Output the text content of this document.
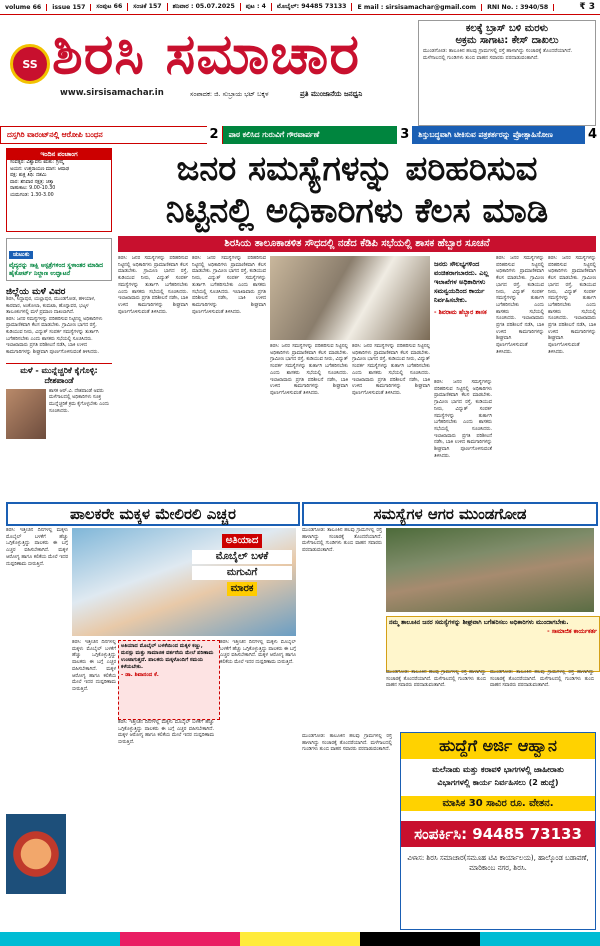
volume 66	issue 157	ಸಂಪುಟ 66	ಸಂಚಿಕೆ 157	ಶನಿವಾರ : 05.07.2025	ಪುಟ : 4	ಮೊಬೈಲ್: 94485 73133	E mail : sirsisamachar@gmail.com	RNI No. : 3940/58	₹ 3
SS ಶಿರಸಿ ಸಮಾಚಾರ
www.sirsisamachar.in	ಸಂಪಾದಕ: ಜಿ. ಸುಬ್ರಾಯ ಭಟ್ ಬಕ್ಕಳ	ಪ್ರತಿ ಮುಂಜಾನೆಯ ಜನಧ್ವನಿ
ಕಲಕ್ಕೆ ಬ್ರಾಸ್ ಬಳಿ ಮರಳು
ಅಕ್ರಮ ಸಾಗಾಟ: ಕೇಸ್ ದಾಖಲು
ಮುಂಡಗೋಡ: ತಾಲೂಕಿನ ಹಲವು ಗ್ರಾಮಗಳಲ್ಲಿ ರಸ್ತೆ ಹಾಳಾಗಿದ್ದು ಸಂಚಾರಕ್ಕೆ ತೊಂದರೆಯಾಗಿದೆ. ಮಳೆಗಾಲದಲ್ಲಿ ಗುಂಡಿಗಳು ತುಂಬಿ ವಾಹನ ಸವಾರರು ಪರದಾಡುವಂತಾಗಿದೆ.
ದಸ್ತಗಿರಿ ವಾರಂಟ್‌ನಲ್ಲಿ ಆರೋಪಿ ಬಂಧನ	2	ಪಾಠ ಕಲಿಸಿದ ಗುರುವಿಗೆ ಗೌರವಾರ್ಪಣೆ	3	ಶಿಸ್ತುಬದ್ಧವಾಗಿ ಟೀಕಿಸುವ ಪತ್ರಕರ್ತರನ್ನು ಪ್ರೋತ್ಸಾಹಿಸೋಣ	4
ಇಂದಿನ ಪಂಚಾಂಗ
ಸಂವತ್ಸರ: ವಿಶ್ವಾವಸು ಋತು: ಗ್ರೀಷ್ಮ
ಅಯನ: ಉತ್ತರಾಯಣ ಮಾಸ: ಆಷಾಢ
ಪಕ್ಷ: ಶುಕ್ಲ ತಿಥಿ: ದಶಮಿ
ವಾರ: ಶನಿವಾರ ನಕ್ಷತ್ರ: ಚಿತ್ತಾ
ರಾಹುಕಾಲ: 9.00-10.30
ಯಮಗಂಡ: 1.30-3.00
ಚುಟುಕು
ವೈದ್ಯರನ್ನು ಸಾಕ್ಷಿ ಆಸ್ಪತ್ರೆಗಳಿಂದ ಸ್ಥಳಾಂತರ ಮಾಡಿದ ಹೈಕೋರ್ಟ್ ನಿಲ್ದಾಣ ಉದ್ಘಾಟನೆ
ಜಿಲ್ಲೆಯ ಮಳೆ ವಿವರ
ಶಿರಸಿ, ಸಿದ್ದಾಪುರ, ಯಲ್ಲಾಪುರ, ಮುಂಡಗೋಡ, ಹಳಿಯಾಳ, ಕಾರವಾರ, ಅಂಕೋಲಾ, ಕುಮಟಾ, ಹೊನ್ನಾವರ, ಭಟ್ಕಳ ತಾಲೂಕುಗಳಲ್ಲಿ ಮಳೆ ಪ್ರಮಾಣ ದಾಖಲಾಗಿದೆ.
ಶಿರಸಿ: ಜನರ ಸಮಸ್ಯೆಗಳನ್ನು ಪರಿಹರಿಸುವ ನಿಟ್ಟಿನಲ್ಲಿ ಅಧಿಕಾರಿಗಳು ಪ್ರಾಮಾಣಿಕವಾಗಿ ಕೆಲಸ ಮಾಡಬೇಕು. ಗ್ರಾಮೀಣ ಭಾಗದ ರಸ್ತೆ, ಕುಡಿಯುವ ನೀರು, ವಿದ್ಯುತ್ ಸಂಪರ್ಕ ಸಮಸ್ಯೆಗಳನ್ನು ತುರ್ತಾಗಿ ಬಗೆಹರಿಸಬೇಕು ಎಂದು ಶಾಸಕರು ಸಭೆಯಲ್ಲಿ ಸೂಚಿಸಿದರು. ಇಲಾಖಾವಾರು ಪ್ರಗತಿ ಪರಿಶೀಲನೆ ನಡೆಸಿ, ಬಾಕಿ ಉಳಿದ ಕಾಮಗಾರಿಗಳನ್ನು ಶೀಘ್ರವಾಗಿ ಪೂರ್ಣಗೊಳಿಸುವಂತೆ ತಿಳಿಸಿದರು.
ಮಳೆ - ಮುನ್ನೆಚ್ಚರಿಕೆ ಕೈಗೊಳ್ಳಿ: ದೇಶಪಾಂಡೆ
ಶಾಸಕ ಆರ್.ವಿ. ದೇಶಪಾಂಡೆ ಅವರು ಮಳೆಗಾಲದಲ್ಲಿ ಅಧಿಕಾರಿಗಳು ಸೂಕ್ತ ಮುನ್ನೆಚ್ಚರಿಕೆ ಕ್ರಮ ಕೈಗೊಳ್ಳಬೇಕು ಎಂದು ಸೂಚಿಸಿದರು.
ಜನರ ಸಮಸ್ಯೆಗಳನ್ನು ಪರಿಹರಿಸುವ
ನಿಟ್ಟಿನಲ್ಲಿ ಅಧಿಕಾರಿಗಳು ಕೆಲಸ ಮಾಡಿ
ಶಿರಸಿಯ ತಾಲೂಕಾಡಳಿತ ಸೌಧದಲ್ಲಿ ನಡೆದ ಕೆಡಿಪಿ ಸಭೆಯಲ್ಲಿ ಶಾಸಕ ಹೆಬ್ಬಾರ ಸೂಚನೆ
ಶಿರಸಿ: ಜನರ ಸಮಸ್ಯೆಗಳನ್ನು ಪರಿಹರಿಸುವ ನಿಟ್ಟಿನಲ್ಲಿ ಅಧಿಕಾರಿಗಳು ಪ್ರಾಮಾಣಿಕವಾಗಿ ಕೆಲಸ ಮಾಡಬೇಕು. ಗ್ರಾಮೀಣ ಭಾಗದ ರಸ್ತೆ, ಕುಡಿಯುವ ನೀರು, ವಿದ್ಯುತ್ ಸಂಪರ್ಕ ಸಮಸ್ಯೆಗಳನ್ನು ತುರ್ತಾಗಿ ಬಗೆಹರಿಸಬೇಕು ಎಂದು ಶಾಸಕರು ಸಭೆಯಲ್ಲಿ ಸೂಚಿಸಿದರು. ಇಲಾಖಾವಾರು ಪ್ರಗತಿ ಪರಿಶೀಲನೆ ನಡೆಸಿ, ಬಾಕಿ ಉಳಿದ ಕಾಮಗಾರಿಗಳನ್ನು ಶೀಘ್ರವಾಗಿ ಪೂರ್ಣಗೊಳಿಸುವಂತೆ ತಿಳಿಸಿದರು.
ಶಿರಸಿ: ಜನರ ಸಮಸ್ಯೆಗಳನ್ನು ಪರಿಹರಿಸುವ ನಿಟ್ಟಿನಲ್ಲಿ ಅಧಿಕಾರಿಗಳು ಪ್ರಾಮಾಣಿಕವಾಗಿ ಕೆಲಸ ಮಾಡಬೇಕು. ಗ್ರಾಮೀಣ ಭಾಗದ ರಸ್ತೆ, ಕುಡಿಯುವ ನೀರು, ವಿದ್ಯುತ್ ಸಂಪರ್ಕ ಸಮಸ್ಯೆಗಳನ್ನು ತುರ್ತಾಗಿ ಬಗೆಹರಿಸಬೇಕು ಎಂದು ಶಾಸಕರು ಸಭೆಯಲ್ಲಿ ಸೂಚಿಸಿದರು. ಇಲಾಖಾವಾರು ಪ್ರಗತಿ ಪರಿಶೀಲನೆ ನಡೆಸಿ, ಬಾಕಿ ಉಳಿದ ಕಾಮಗಾರಿಗಳನ್ನು ಶೀಘ್ರವಾಗಿ ಪೂರ್ಣಗೊಳಿಸುವಂತೆ ತಿಳಿಸಿದರು.
ಶಿರಸಿ: ಜನರ ಸಮಸ್ಯೆಗಳನ್ನು ಪರಿಹರಿಸುವ ನಿಟ್ಟಿನಲ್ಲಿ ಅಧಿಕಾರಿಗಳು ಪ್ರಾಮಾಣಿಕವಾಗಿ ಕೆಲಸ ಮಾಡಬೇಕು. ಗ್ರಾಮೀಣ ಭಾಗದ ರಸ್ತೆ, ಕುಡಿಯುವ ನೀರು, ವಿದ್ಯುತ್ ಸಂಪರ್ಕ ಸಮಸ್ಯೆಗಳನ್ನು ತುರ್ತಾಗಿ ಬಗೆಹರಿಸಬೇಕು ಎಂದು ಶಾಸಕರು ಸಭೆಯಲ್ಲಿ ಸೂಚಿಸಿದರು. ಇಲಾಖಾವಾರು ಪ್ರಗತಿ ಪರಿಶೀಲನೆ ನಡೆಸಿ, ಬಾಕಿ ಉಳಿದ ಕಾಮಗಾರಿಗಳನ್ನು ಶೀಘ್ರವಾಗಿ ಪೂರ್ಣಗೊಳಿಸುವಂತೆ ತಿಳಿಸಿದರು.
ಶಿರಸಿ: ಜನರ ಸಮಸ್ಯೆಗಳನ್ನು ಪರಿಹರಿಸುವ ನಿಟ್ಟಿನಲ್ಲಿ ಅಧಿಕಾರಿಗಳು ಪ್ರಾಮಾಣಿಕವಾಗಿ ಕೆಲಸ ಮಾಡಬೇಕು. ಗ್ರಾಮೀಣ ಭಾಗದ ರಸ್ತೆ, ಕುಡಿಯುವ ನೀರು, ವಿದ್ಯುತ್ ಸಂಪರ್ಕ ಸಮಸ್ಯೆಗಳನ್ನು ತುರ್ತಾಗಿ ಬಗೆಹರಿಸಬೇಕು ಎಂದು ಶಾಸಕರು ಸಭೆಯಲ್ಲಿ ಸೂಚಿಸಿದರು. ಇಲಾಖಾವಾರು ಪ್ರಗತಿ ಪರಿಶೀಲನೆ ನಡೆಸಿ, ಬಾಕಿ ಉಳಿದ ಕಾಮಗಾರಿಗಳನ್ನು ಶೀಘ್ರವಾಗಿ ಪೂರ್ಣಗೊಳಿಸುವಂತೆ ತಿಳಿಸಿದರು.
ಜನರು ಸೌಲಭ್ಯಗಳಿಂದ ವಂಚಿತರಾಗಬಾರದು. ಎಲ್ಲ ಇಲಾಖೆಗಳ ಅಧಿಕಾರಿಗಳು ಸಮನ್ವಯದಿಂದ ಕಾರ್ಯ ನಿರ್ವಹಿಸಬೇಕು.
- ಶಿವರಾಮ ಹೆಬ್ಬಾರ ಶಾಸಕ
ಶಿರಸಿ: ಜನರ ಸಮಸ್ಯೆಗಳನ್ನು ಪರಿಹರಿಸುವ ನಿಟ್ಟಿನಲ್ಲಿ ಅಧಿಕಾರಿಗಳು ಪ್ರಾಮಾಣಿಕವಾಗಿ ಕೆಲಸ ಮಾಡಬೇಕು. ಗ್ರಾಮೀಣ ಭಾಗದ ರಸ್ತೆ, ಕುಡಿಯುವ ನೀರು, ವಿದ್ಯುತ್ ಸಂಪರ್ಕ ಸಮಸ್ಯೆಗಳನ್ನು ತುರ್ತಾಗಿ ಬಗೆಹರಿಸಬೇಕು ಎಂದು ಶಾಸಕರು ಸಭೆಯಲ್ಲಿ ಸೂಚಿಸಿದರು. ಇಲಾಖಾವಾರು ಪ್ರಗತಿ ಪರಿಶೀಲನೆ ನಡೆಸಿ, ಬಾಕಿ ಉಳಿದ ಕಾಮಗಾರಿಗಳನ್ನು ಶೀಘ್ರವಾಗಿ ಪೂರ್ಣಗೊಳಿಸುವಂತೆ ತಿಳಿಸಿದರು.
ಶಿರಸಿ: ಜನರ ಸಮಸ್ಯೆಗಳನ್ನು ಪರಿಹರಿಸುವ ನಿಟ್ಟಿನಲ್ಲಿ ಅಧಿಕಾರಿಗಳು ಪ್ರಾಮಾಣಿಕವಾಗಿ ಕೆಲಸ ಮಾಡಬೇಕು. ಗ್ರಾಮೀಣ ಭಾಗದ ರಸ್ತೆ, ಕುಡಿಯುವ ನೀರು, ವಿದ್ಯುತ್ ಸಂಪರ್ಕ ಸಮಸ್ಯೆಗಳನ್ನು ತುರ್ತಾಗಿ ಬಗೆಹರಿಸಬೇಕು ಎಂದು ಶಾಸಕರು ಸಭೆಯಲ್ಲಿ ಸೂಚಿಸಿದರು. ಇಲಾಖಾವಾರು ಪ್ರಗತಿ ಪರಿಶೀಲನೆ ನಡೆಸಿ, ಬಾಕಿ ಉಳಿದ ಕಾಮಗಾರಿಗಳನ್ನು ಶೀಘ್ರವಾಗಿ ಪೂರ್ಣಗೊಳಿಸುವಂತೆ ತಿಳಿಸಿದರು.
ಶಿರಸಿ: ಜನರ ಸಮಸ್ಯೆಗಳನ್ನು ಪರಿಹರಿಸುವ ನಿಟ್ಟಿನಲ್ಲಿ ಅಧಿಕಾರಿಗಳು ಪ್ರಾಮಾಣಿಕವಾಗಿ ಕೆಲಸ ಮಾಡಬೇಕು. ಗ್ರಾಮೀಣ ಭಾಗದ ರಸ್ತೆ, ಕುಡಿಯುವ ನೀರು, ವಿದ್ಯುತ್ ಸಂಪರ್ಕ ಸಮಸ್ಯೆಗಳನ್ನು ತುರ್ತಾಗಿ ಬಗೆಹರಿಸಬೇಕು ಎಂದು ಶಾಸಕರು ಸಭೆಯಲ್ಲಿ ಸೂಚಿಸಿದರು. ಇಲಾಖಾವಾರು ಪ್ರಗತಿ ಪರಿಶೀಲನೆ ನಡೆಸಿ, ಬಾಕಿ ಉಳಿದ ಕಾಮಗಾರಿಗಳನ್ನು ಶೀಘ್ರವಾಗಿ ಪೂರ್ಣಗೊಳಿಸುವಂತೆ ತಿಳಿಸಿದರು.
ಪಾಲಕರೇ ಮಕ್ಕಳ ಮೇಲಿರಲಿ ಎಚ್ಚರ	ಸಮಸ್ಯೆಗಳ ಆಗರ ಮುಂಡಗೋಡ
ಶಿರಸಿ: ಇತ್ತೀಚಿನ ದಿನಗಳಲ್ಲಿ ಮಕ್ಕಳು ಮೊಬೈಲ್ ಬಳಕೆಗೆ ಹೆಚ್ಚು ಒಗ್ಗಿಕೊಳ್ಳುತ್ತಿದ್ದು ಪಾಲಕರು ಈ ಬಗ್ಗೆ ಎಚ್ಚರ ವಹಿಸಬೇಕಾಗಿದೆ. ಮಕ್ಕಳ ಆರೋಗ್ಯ ಹಾಗೂ ಕಲಿಕೆಯ ಮೇಲೆ ಇದರ ದುಷ್ಪರಿಣಾಮ ಬೀರುತ್ತಿದೆ.
ಅತಿಯಾದ
ಮೊಬೈಲ್ ಬಳಕೆ
ಮಗುವಿಗೆ
ಮಾರಕ
ಅತಿಯಾದ ಮೊಬೈಲ್ ಬಳಕೆಯಿಂದ ಮಕ್ಕಳ ಕಣ್ಣು, ಮನಸ್ಸು ಮತ್ತು ಸಾಮಾಜಿಕ ವರ್ತನೆಯ ಮೇಲೆ ಪರಿಣಾಮ ಉಂಟಾಗುತ್ತದೆ. ಪಾಲಕರು ಮಕ್ಕಳೊಂದಿಗೆ ಸಮಯ ಕಳೆಯಬೇಕು.
- ಡಾ. ಶಿವಾನಂದ ಕೆ.
ಶಿರಸಿ: ಇತ್ತೀಚಿನ ದಿನಗಳಲ್ಲಿ ಮಕ್ಕಳು ಮೊಬೈಲ್ ಬಳಕೆಗೆ ಹೆಚ್ಚು ಒಗ್ಗಿಕೊಳ್ಳುತ್ತಿದ್ದು ಪಾಲಕರು ಈ ಬಗ್ಗೆ ಎಚ್ಚರ ವಹಿಸಬೇಕಾಗಿದೆ. ಮಕ್ಕಳ ಆರೋಗ್ಯ ಹಾಗೂ ಕಲಿಕೆಯ ಮೇಲೆ ಇದರ ದುಷ್ಪರಿಣಾಮ ಬೀರುತ್ತಿದೆ.
ಶಿರಸಿ: ಇತ್ತೀಚಿನ ದಿನಗಳಲ್ಲಿ ಮಕ್ಕಳು ಮೊಬೈಲ್ ಬಳಕೆಗೆ ಹೆಚ್ಚು ಒಗ್ಗಿಕೊಳ್ಳುತ್ತಿದ್ದು ಪಾಲಕರು ಈ ಬಗ್ಗೆ ಎಚ್ಚರ ವಹಿಸಬೇಕಾಗಿದೆ. ಮಕ್ಕಳ ಆರೋಗ್ಯ ಹಾಗೂ ಕಲಿಕೆಯ ಮೇಲೆ ಇದರ ದುಷ್ಪರಿಣಾಮ ಬೀರುತ್ತಿದೆ.
ಶಿರಸಿ: ಇತ್ತೀಚಿನ ದಿನಗಳಲ್ಲಿ ಮಕ್ಕಳು ಮೊಬೈಲ್ ಬಳಕೆಗೆ ಹೆಚ್ಚು ಒಗ್ಗಿಕೊಳ್ಳುತ್ತಿದ್ದು ಪಾಲಕರು ಈ ಬಗ್ಗೆ ಎಚ್ಚರ ವಹಿಸಬೇಕಾಗಿದೆ. ಮಕ್ಕಳ ಆರೋಗ್ಯ ಹಾಗೂ ಕಲಿಕೆಯ ಮೇಲೆ ಇದರ ದುಷ್ಪರಿಣಾಮ ಬೀರುತ್ತಿದೆ.
ಮುಂಡಗೋಡ: ತಾಲೂಕಿನ ಹಲವು ಗ್ರಾಮಗಳಲ್ಲಿ ರಸ್ತೆ ಹಾಳಾಗಿದ್ದು ಸಂಚಾರಕ್ಕೆ ತೊಂದರೆಯಾಗಿದೆ. ಮಳೆಗಾಲದಲ್ಲಿ ಗುಂಡಿಗಳು ತುಂಬಿ ವಾಹನ ಸವಾರರು ಪರದಾಡುವಂತಾಗಿದೆ.
ನಮ್ಮ ತಾಲೂಕಿನ ಜನರ ಸಮಸ್ಯೆಗಳನ್ನು ಶೀಘ್ರವಾಗಿ ಬಗೆಹರಿಸಲು ಅಧಿಕಾರಿಗಳು ಮುಂದಾಗಬೇಕು.
- ಸಾಮಾಜಿಕ ಕಾರ್ಯಕರ್ತ
ಮುಂಡಗೋಡ: ತಾಲೂಕಿನ ಹಲವು ಗ್ರಾಮಗಳಲ್ಲಿ ರಸ್ತೆ ಹಾಳಾಗಿದ್ದು ಸಂಚಾರಕ್ಕೆ ತೊಂದರೆಯಾಗಿದೆ. ಮಳೆಗಾಲದಲ್ಲಿ ಗುಂಡಿಗಳು ತುಂಬಿ ವಾಹನ ಸವಾರರು ಪರದಾಡುವಂತಾಗಿದೆ.
ಮುಂಡಗೋಡ: ತಾಲೂಕಿನ ಹಲವು ಗ್ರಾಮಗಳಲ್ಲಿ ರಸ್ತೆ ಹಾಳಾಗಿದ್ದು ಸಂಚಾರಕ್ಕೆ ತೊಂದರೆಯಾಗಿದೆ. ಮಳೆಗಾಲದಲ್ಲಿ ಗುಂಡಿಗಳು ತುಂಬಿ ವಾಹನ ಸವಾರರು ಪರದಾಡುವಂತಾಗಿದೆ.
ಮುಂಡಗೋಡ: ತಾಲೂಕಿನ ಹಲವು ಗ್ರಾಮಗಳಲ್ಲಿ ರಸ್ತೆ ಹಾಳಾಗಿದ್ದು ಸಂಚಾರಕ್ಕೆ ತೊಂದರೆಯಾಗಿದೆ. ಮಳೆಗಾಲದಲ್ಲಿ ಗುಂಡಿಗಳು ತುಂಬಿ ವಾಹನ ಸವಾರರು ಪರದಾಡುವಂತಾಗಿದೆ.	ಹುದ್ದೆಗೆ ಅರ್ಜಿ ಆಹ್ವಾನ
ಮಲೆನಾಡು ಮತ್ತು ಕರಾವಳಿ ಭಾಗಗಳಲ್ಲಿ ಜಾಹೀರಾತು
ವಿಭಾಗಗಳಲ್ಲಿ ಕಾರ್ಯ ನಿರ್ವಹಿಸಲು (2 ಹುದ್ದೆ)
ಮಾಸಿಕ 30 ಸಾವಿರ ರೂ. ವೇತನ.
ಸಂಪರ್ಕಿಸಿ: 94485 73133
ವಿಳಾಸ: ಶಿರಸಿ ಸಮಾಚಾರ(ಸಮೂಹ ಟಿವಿ ಕಾರ್ಯಾಲಯ), ಹಾಲ್ಕೊಂಡ ಬಡಾವಣೆ, ಮಾರಿಕಾಂಬ ನಗರ, ಶಿರಸಿ.
